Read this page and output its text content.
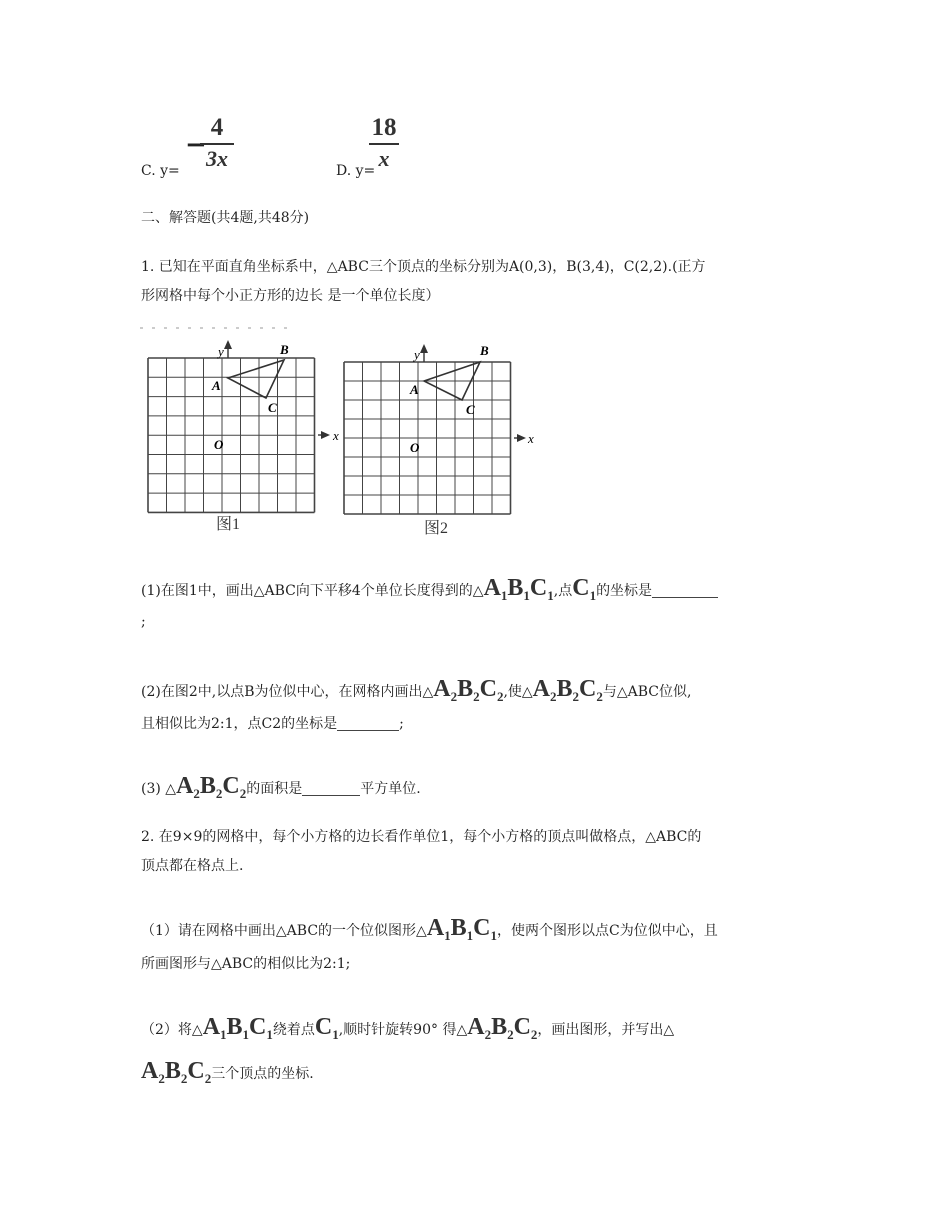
C. y=
−
4
3x	D. y=
18
x
二、解答题(共4题,共48分)
1. 已知在平面直角坐标系中，△ABC三个顶点的坐标分别为A(0,3)，B(3,4)，C(2,2).(正方
形网格中每个小正方形的边长 是一个单位长度）
y
x
A
B
C
O
图1
y
x
A
B
C
O
图2
(1)在图1中，画出△ABC向下平移4个单位长度得到的$\triangle A_1B_1C_1$,点$C_1$的坐标是
;
(2)在图2中,以点B为位似中心，在网格内画出$\triangle A_2B_2C_2$,使$\triangle A_2B_2C_2$与△ABC位似,
且相似比为2:1，点C2的坐标是	;
(3) $\triangle A_2B_2C_2$的面积是	平方单位.
2. 在9×9的网格中，每个小方格的边长看作单位1，每个小方格的顶点叫做格点，△ABC的
顶点都在格点上.
（1）请在网格中画出△ABC的一个位似图形$\triangle A_1B_1C_1$，使两个图形以点C为位似中心，且
所画图形与△ABC的相似比为2:1;
（2）将$\triangle A_1B_1C_1$绕着点$C_1$,顺时针旋转90° 得$\triangle A_2B_2C_2$，画出图形，并写出△
$A_2B_2C_2$三个顶点的坐标.
